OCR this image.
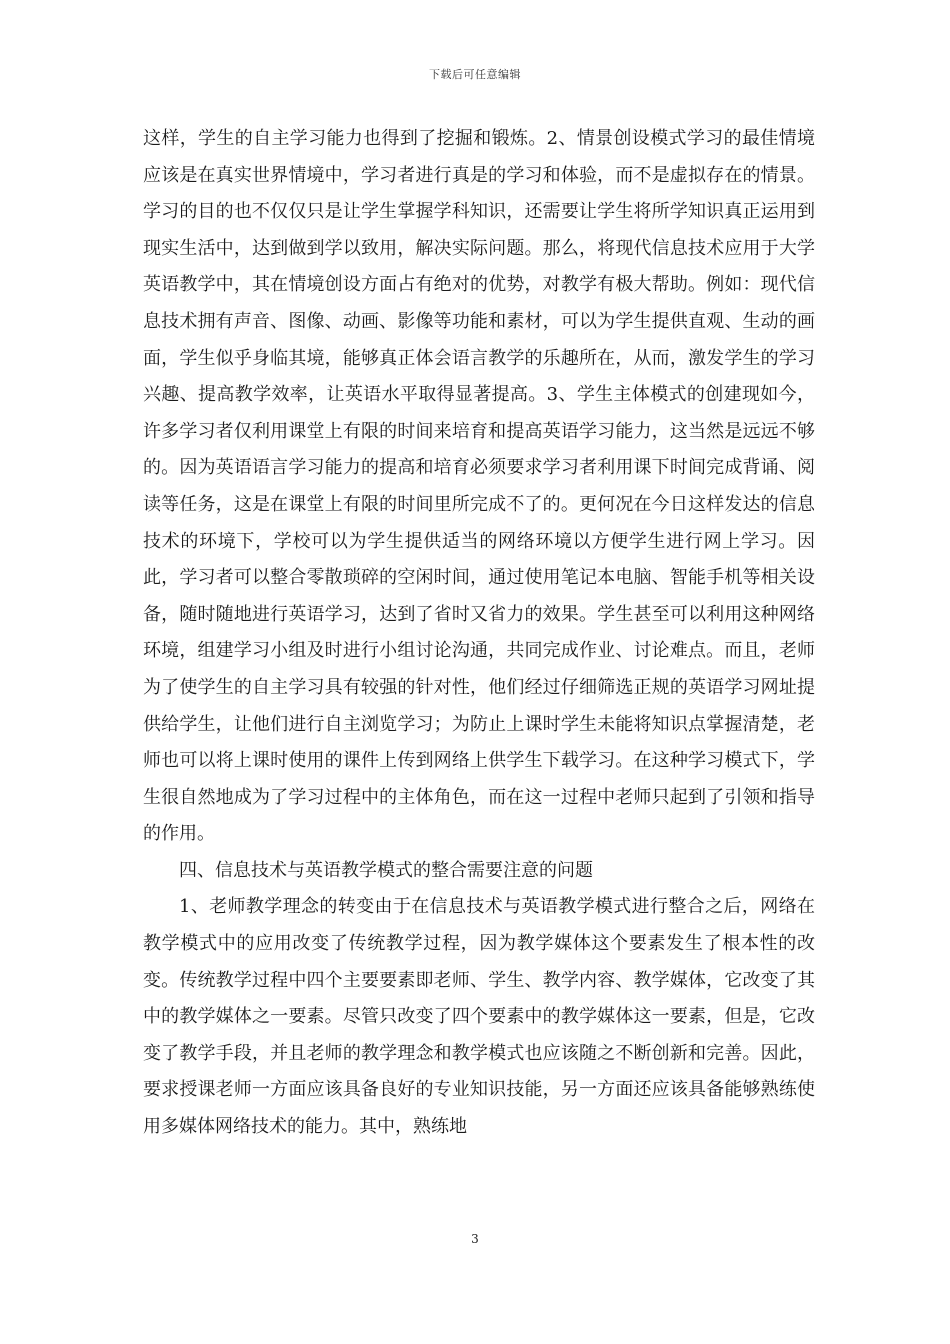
下载后可任意编辑

这样，学生的自主学习能力也得到了挖掘和锻炼。2、情景创设模式学习的最佳情境应该是在真实世界情境中，学习者进行真是的学习和体验，而不是虚拟存在的情景。学习的目的也不仅仅只是让学生掌握学科知识，还需要让学生将所学知识真正运用到现实生活中，达到做到学以致用，解决实际问题。那么，将现代信息技术应用于大学英语教学中，其在情境创设方面占有绝对的优势，对教学有极大帮助。例如：现代信息技术拥有声音、图像、动画、影像等功能和素材，可以为学生提供直观、生动的画面，学生似乎身临其境，能够真正体会语言教学的乐趣所在，从而，激发学生的学习兴趣、提高教学效率，让英语水平取得显著提高。3、学生主体模式的创建现如今，许多学习者仅利用课堂上有限的时间来培育和提高英语学习能力，这当然是远远不够的。因为英语语言学习能力的提高和培育必须要求学习者利用课下时间完成背诵、阅读等任务，这是在课堂上有限的时间里所完成不了的。更何况在今日这样发达的信息技术的环境下，学校可以为学生提供适当的网络环境以方便学生进行网上学习。因此，学习者可以整合零散琐碎的空闲时间，通过使用笔记本电脑、智能手机等相关设备，随时随地进行英语学习，达到了省时又省力的效果。学生甚至可以利用这种网络环境，组建学习小组及时进行小组讨论沟通，共同完成作业、讨论难点。而且，老师为了使学生的自主学习具有较强的针对性，他们经过仔细筛选正规的英语学习网址提供给学生，让他们进行自主浏览学习；为防止上课时学生未能将知识点掌握清楚，老师也可以将上课时使用的课件上传到网络上供学生下载学习。在这种学习模式下，学生很自然地成为了学习过程中的主体角色，而在这一过程中老师只起到了引领和指导的作用。

四、信息技术与英语教学模式的整合需要注意的问题

1、老师教学理念的转变由于在信息技术与英语教学模式进行整合之后，网络在教学模式中的应用改变了传统教学过程，因为教学媒体这个要素发生了根本性的改变。传统教学过程中四个主要要素即老师、学生、教学内容、教学媒体，它改变了其中的教学媒体之一要素。尽管只改变了四个要素中的教学媒体这一要素，但是，它改变了教学手段，并且老师的教学理念和教学模式也应该随之不断创新和完善。因此，要求授课老师一方面应该具备良好的专业知识技能，另一方面还应该具备能够熟练使用多媒体网络技术的能力。其中，熟练地

3
